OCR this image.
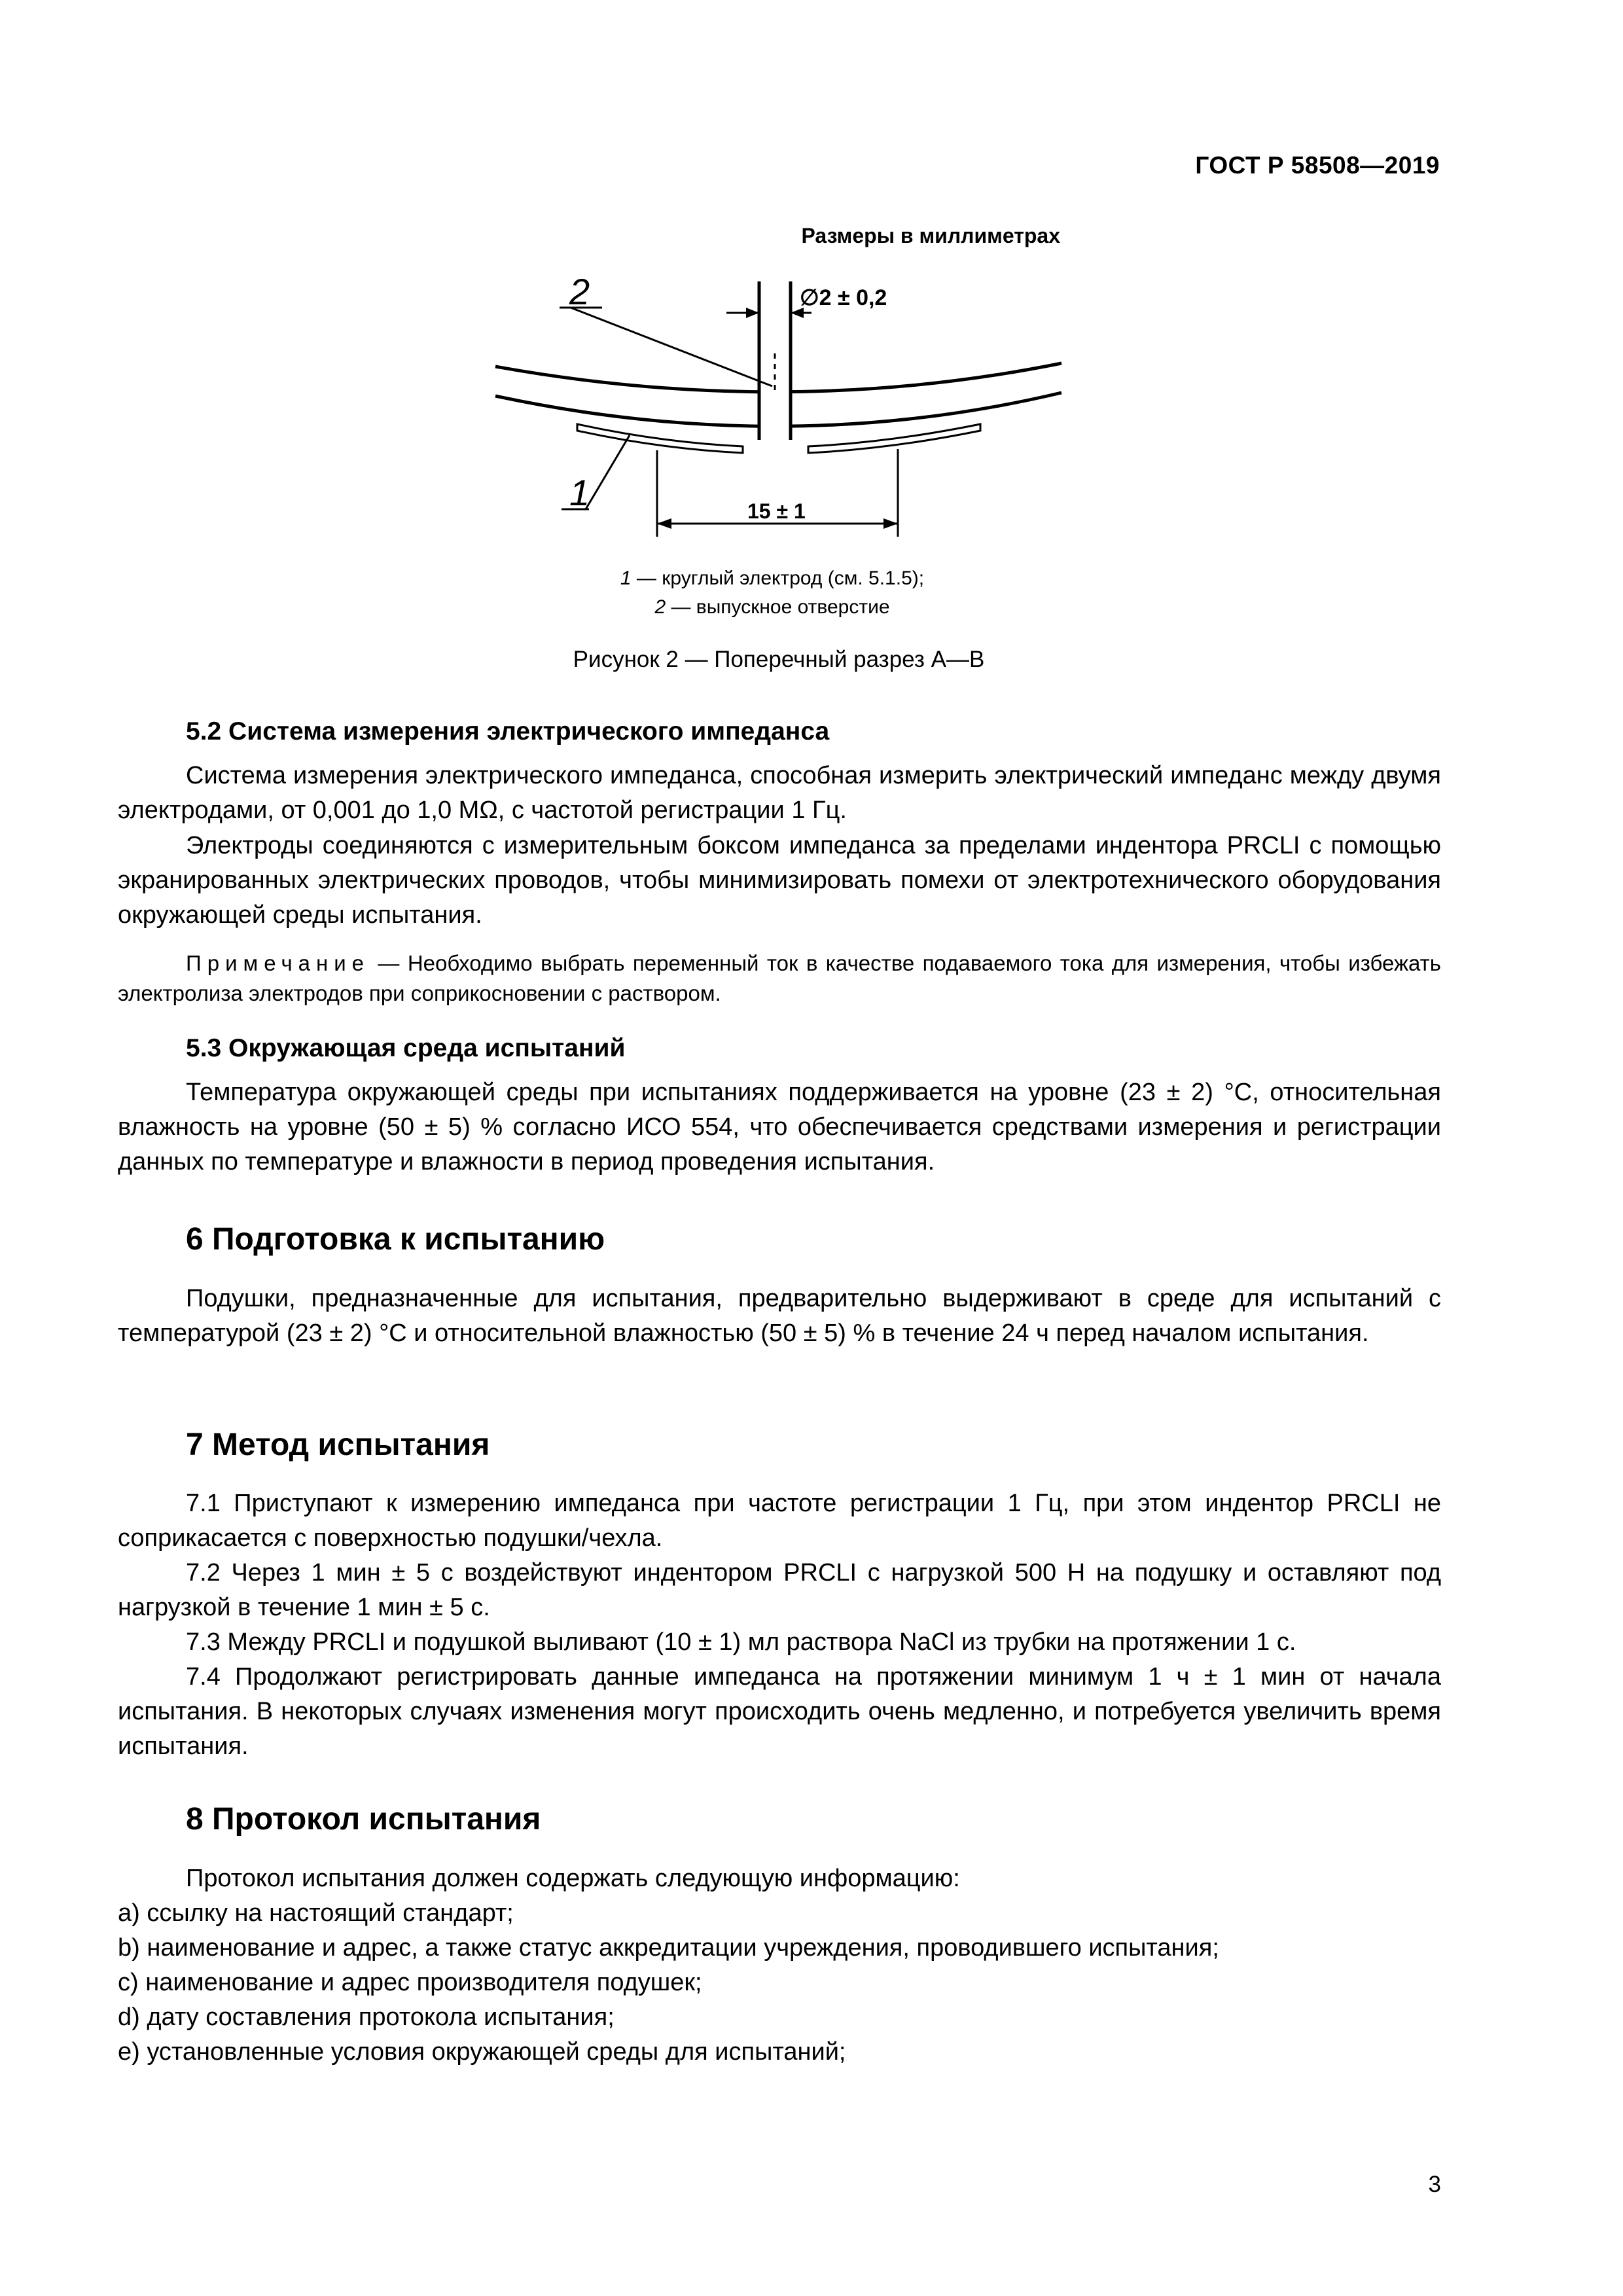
ГОСТ Р 58508—2019
Размеры в миллиметрах
2
1
∅2 ± 0,2
15 ± 1
1 — круглый электрод (см. 5.1.5);
2 — выпускное отверстие
Рисунок 2 — Поперечный разрез A—B
5.2 Система измерения электрического импеданса
Система измерения электрического импеданса, способная измерить электрический импеданс между двумя электродами, от 0,001 до 1,0 МΩ, с частотой регистрации 1 Гц.
Электроды соединяются с измерительным боксом импеданса за пределами индентора PRCLI с помощью экранированных электрических проводов, чтобы минимизировать помехи от электротехнического оборудования окружающей среды испытания.
Примечание — Необходимо выбрать переменный ток в качестве подаваемого тока для измерения, чтобы избежать электролиза электродов при соприкосновении с раствором.
5.3 Окружающая среда испытаний
Температура окружающей среды при испытаниях поддерживается на уровне (23 ± 2) °С, относительная влажность на уровне (50 ± 5) % согласно ИСО 554, что обеспечивается средствами измерения и регистрации данных по температуре и влажности в период проведения испытания.
6 Подготовка к испытанию
Подушки, предназначенные для испытания, предварительно выдерживают в среде для испытаний с температурой (23 ± 2) °С и относительной влажностью (50 ± 5) % в течение 24 ч перед началом испытания.
7 Метод испытания
7.1 Приступают к измерению импеданса при частоте регистрации 1 Гц, при этом индентор PRCLI не соприкасается с поверхностью подушки/чехла.
7.2 Через 1 мин ± 5 с воздействуют индентором PRCLI с нагрузкой 500 Н на подушку и оставляют под нагрузкой в течение 1 мин ± 5 с.
7.3 Между PRCLI и подушкой выливают (10 ± 1) мл раствора NaCl из трубки на протяжении 1 с.
7.4 Продолжают регистрировать данные импеданса на протяжении минимум 1 ч ± 1 мин от начала испытания. В некоторых случаях изменения могут происходить очень медленно, и потребуется увеличить время испытания.
8 Протокол испытания
Протокол испытания должен содержать следующую информацию:
а) ссылку на настоящий стандарт;
b) наименование и адрес, а также статус аккредитации учреждения, проводившего испытания;
c) наименование и адрес производителя подушек;
d) дату составления протокола испытания;
е) установленные условия окружающей среды для испытаний;
3
